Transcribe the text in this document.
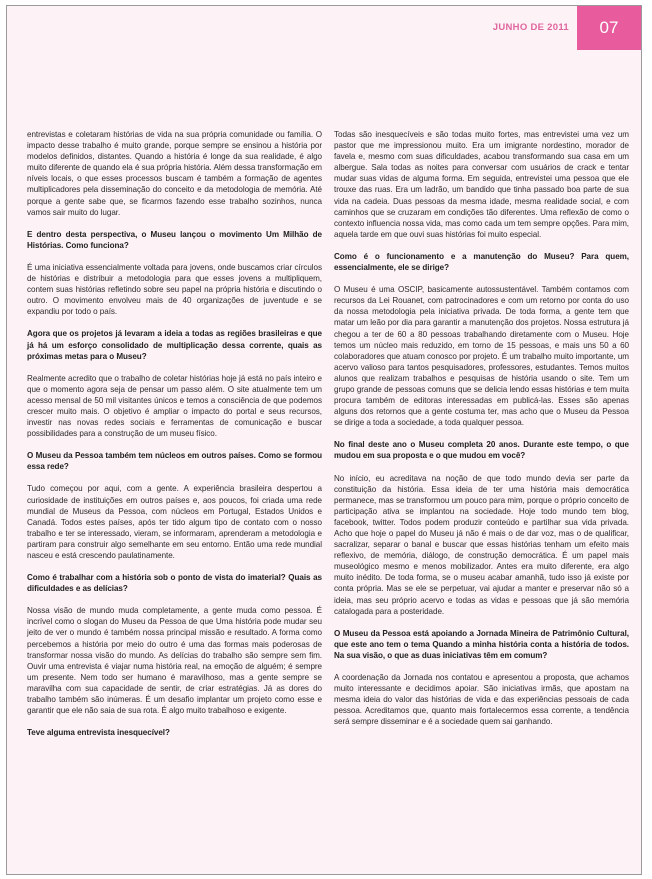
JUNHO DE 2011	07

entrevistas e coletaram histórias de vida na sua própria comunidade ou família. O impacto desse trabalho é muito grande, porque sempre se ensinou a história por modelos definidos, distantes. Quando a história é longe da sua realidade, é algo muito diferente de quando ela é sua própria história. Além dessa transformação em níveis locais, o que esses processos buscam é também a formação de agentes multiplicadores pela disseminação do conceito e da metodologia de memória. Até porque a gente sabe que, se ficarmos fazendo esse trabalho sozinhos, nunca vamos sair muito do lugar.

E dentro desta perspectiva, o Museu lançou o movimento Um Milhão de Histórias. Como funciona?

É uma iniciativa essencialmente voltada para jovens, onde buscamos criar círculos de histórias e distribuir a metodologia para que esses jovens a multipliquem, contem suas histórias refletindo sobre seu papel na própria história e discutindo o outro. O movimento envolveu mais de 40 organizações de juventude e se expandiu por todo o país.

Agora que os projetos já levaram a ideia a todas as regiões brasileiras e que já há um esforço consolidado de multiplicação dessa corrente, quais as próximas metas para o Museu?

Realmente acredito que o trabalho de coletar histórias hoje já está no país inteiro e que o momento agora seja de pensar um passo além. O site atualmente tem um acesso mensal de 50 mil visitantes únicos e temos a consciência de que podemos crescer muito mais. O objetivo é ampliar o impacto do portal e seus recursos, investir nas novas redes sociais e ferramentas de comunicação e buscar possibilidades para a construção de um museu físico.

O Museu da Pessoa também tem núcleos em outros países. Como se formou essa rede?

Tudo começou por aqui, com a gente. A experiência brasileira despertou a curiosidade de instituições em outros países e, aos poucos, foi criada uma rede mundial de Museus da Pessoa, com núcleos em Portugal, Estados Unidos e Canadá. Todos estes países, após ter tido algum tipo de contato com o nosso trabalho e ter se interessado, vieram, se informaram, aprenderam a metodologia e partiram para construir algo semelhante em seu entorno. Então uma rede mundial nasceu e está crescendo paulatinamente.

Como é trabalhar com a história sob o ponto de vista do imaterial? Quais as dificuldades e as delícias?

Nossa visão de mundo muda completamente, a gente muda como pessoa. É incrível como o slogan do Museu da Pessoa de que Uma história pode mudar seu jeito de ver o mundo é também nossa principal missão e resultado. A forma como percebemos a história por meio do outro é uma das formas mais poderosas de transformar nossa visão do mundo. As delícias do trabalho são sempre sem fim. Ouvir uma entrevista é viajar numa história real, na emoção de alguém; é sempre um presente. Nem todo ser humano é maravilhoso, mas a gente sempre se maravilha com sua capacidade de sentir, de criar estratégias. Já as dores do trabalho também são inúmeras. É um desafio implantar um projeto como esse e garantir que ele não saia de sua rota. É algo muito trabalhoso e exigente.

Teve alguma entrevista inesquecível?

Todas são inesquecíveis e são todas muito fortes, mas entrevistei uma vez um pastor que me impressionou muito. Era um imigrante nordestino, morador de favela e, mesmo com suas dificuldades, acabou transformando sua casa em um albergue. Sala todas as noites para conversar com usuários de crack e tentar mudar suas vidas de alguma forma. Em seguida, entrevistei uma pessoa que ele trouxe das ruas. Era um ladrão, um bandido que tinha passado boa parte de sua vida na cadeia. Duas pessoas da mesma idade, mesma realidade social, e com caminhos que se cruzaram em condições tão diferentes. Uma reflexão de como o contexto influencia nossa vida, mas como cada um tem sempre opções. Para mim, aquela tarde em que ouvi suas histórias foi muito especial.

Como é o funcionamento e a manutenção do Museu? Para quem, essencialmente, ele se dirige?

O Museu é uma OSCIP, basicamente autossustentável. Também contamos com recursos da Lei Rouanet, com patrocinadores e com um retorno por conta do uso da nossa metodologia pela iniciativa privada. De toda forma, a gente tem que matar um leão por dia para garantir a manutenção dos projetos. Nossa estrutura já chegou a ter de 60 a 80 pessoas trabalhando diretamente com o Museu. Hoje temos um núcleo mais reduzido, em torno de 15 pessoas, e mais uns 50 a 60 colaboradores que atuam conosco por projeto. É um trabalho muito importante, um acervo valioso para tantos pesquisadores, professores, estudantes. Temos muitos alunos que realizam trabalhos e pesquisas de história usando o site. Tem um grupo grande de pessoas comuns que se delicia lendo essas histórias e tem muita procura também de editoras interessadas em publicá-las. Esses são apenas alguns dos retornos que a gente costuma ter, mas acho que o Museu da Pessoa se dirige a toda a sociedade, a toda qualquer pessoa.

No final deste ano o Museu completa 20 anos. Durante este tempo, o que mudou em sua proposta e o que mudou em você?

No início, eu acreditava na noção de que todo mundo devia ser parte da constituição da história. Essa ideia de ter uma história mais democrática permanece, mas se transformou um pouco para mim, porque o próprio conceito de participação ativa se implantou na sociedade. Hoje todo mundo tem blog, facebook, twitter. Todos podem produzir conteúdo e partilhar sua vida privada. Acho que hoje o papel do Museu já não é mais o de dar voz, mas o de qualificar, sacralizar, separar o banal e buscar que essas histórias tenham um efeito mais reflexivo, de memória, diálogo, de construção democrática. É um papel mais museológico mesmo e menos mobilizador. Antes era muito diferente, era algo muito inédito. De toda forma, se o museu acabar amanhã, tudo isso já existe por conta própria. Mas se ele se perpetuar, vai ajudar a manter e preservar não só a ideia, mas seu próprio acervo e todas as vidas e pessoas que já são memória catalogada para a posteridade.

O Museu da Pessoa está apoiando a Jornada Mineira de Patrimônio Cultural, que este ano tem o tema Quando a minha história conta a história de todos. Na sua visão, o que as duas iniciativas têm em comum?

A coordenação da Jornada nos contatou e apresentou a proposta, que achamos muito interessante e decidimos apoiar. São iniciativas irmãs, que apostam na mesma ideia do valor das histórias de vida e das experiências pessoais de cada pessoa. Acreditamos que, quanto mais fortalecermos essa corrente, a tendência será sempre disseminar e é a sociedade quem sai ganhando.
